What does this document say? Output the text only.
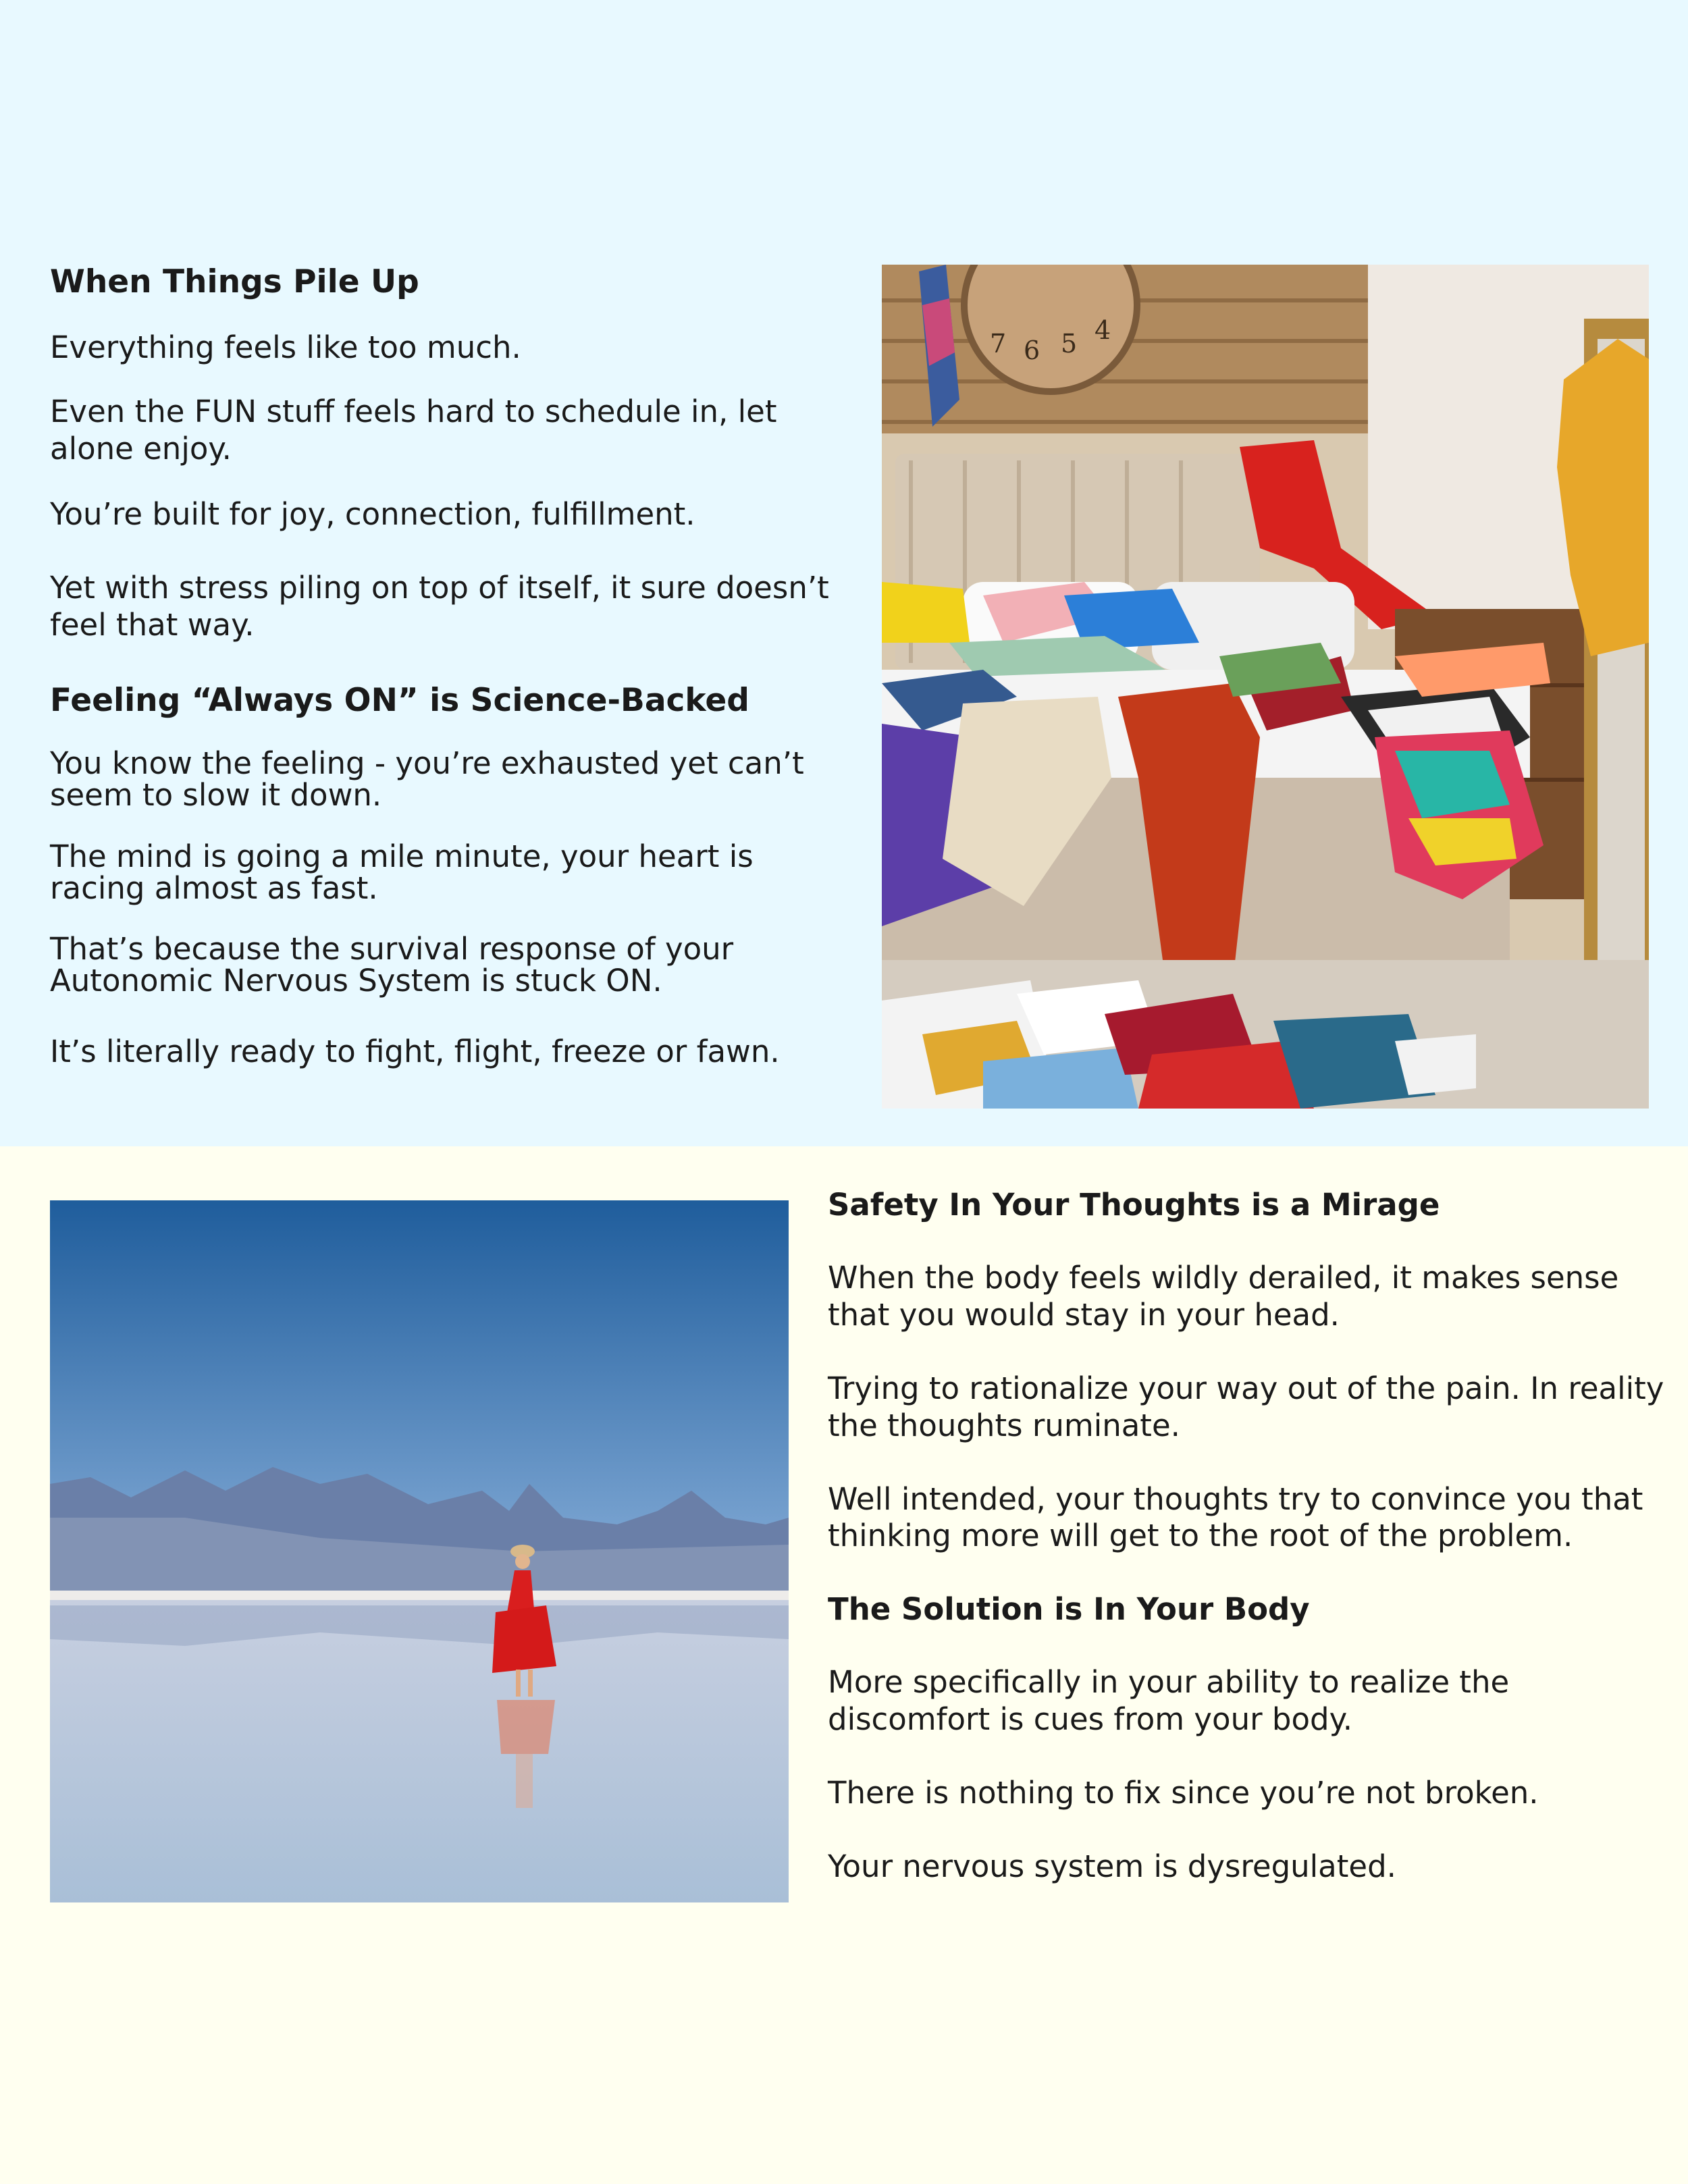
When Things Pile Up

Everything feels like too much.

Even the FUN stuff feels hard to schedule in, let alone enjoy.

You’re built for joy, connection, fulfillment.

Yet with stress piling on top of itself, it sure doesn’t feel that way.

Feeling “Always ON” is Science-Backed

You know the feeling - you’re exhausted yet can’t seem to slow it down.

The mind is going a mile minute, your heart is racing almost as fast.

That’s because the survival response of your Autonomic Nervous System is stuck ON.

It’s literally ready to fight, flight, freeze or fawn.

7 6 5 4
Safety In Your Thoughts is a Mirage

When the body feels wildly derailed, it makes sense that you would stay in your head.

Trying to rationalize your way out of the pain. In reality the thoughts ruminate.

Well intended, your thoughts try to convince you that thinking more will get to the root of the problem.

The Solution is In Your Body

More specifically in your ability to realize the discomfort is cues from your body.

There is nothing to fix since you’re not broken.

Your nervous system is dysregulated.
